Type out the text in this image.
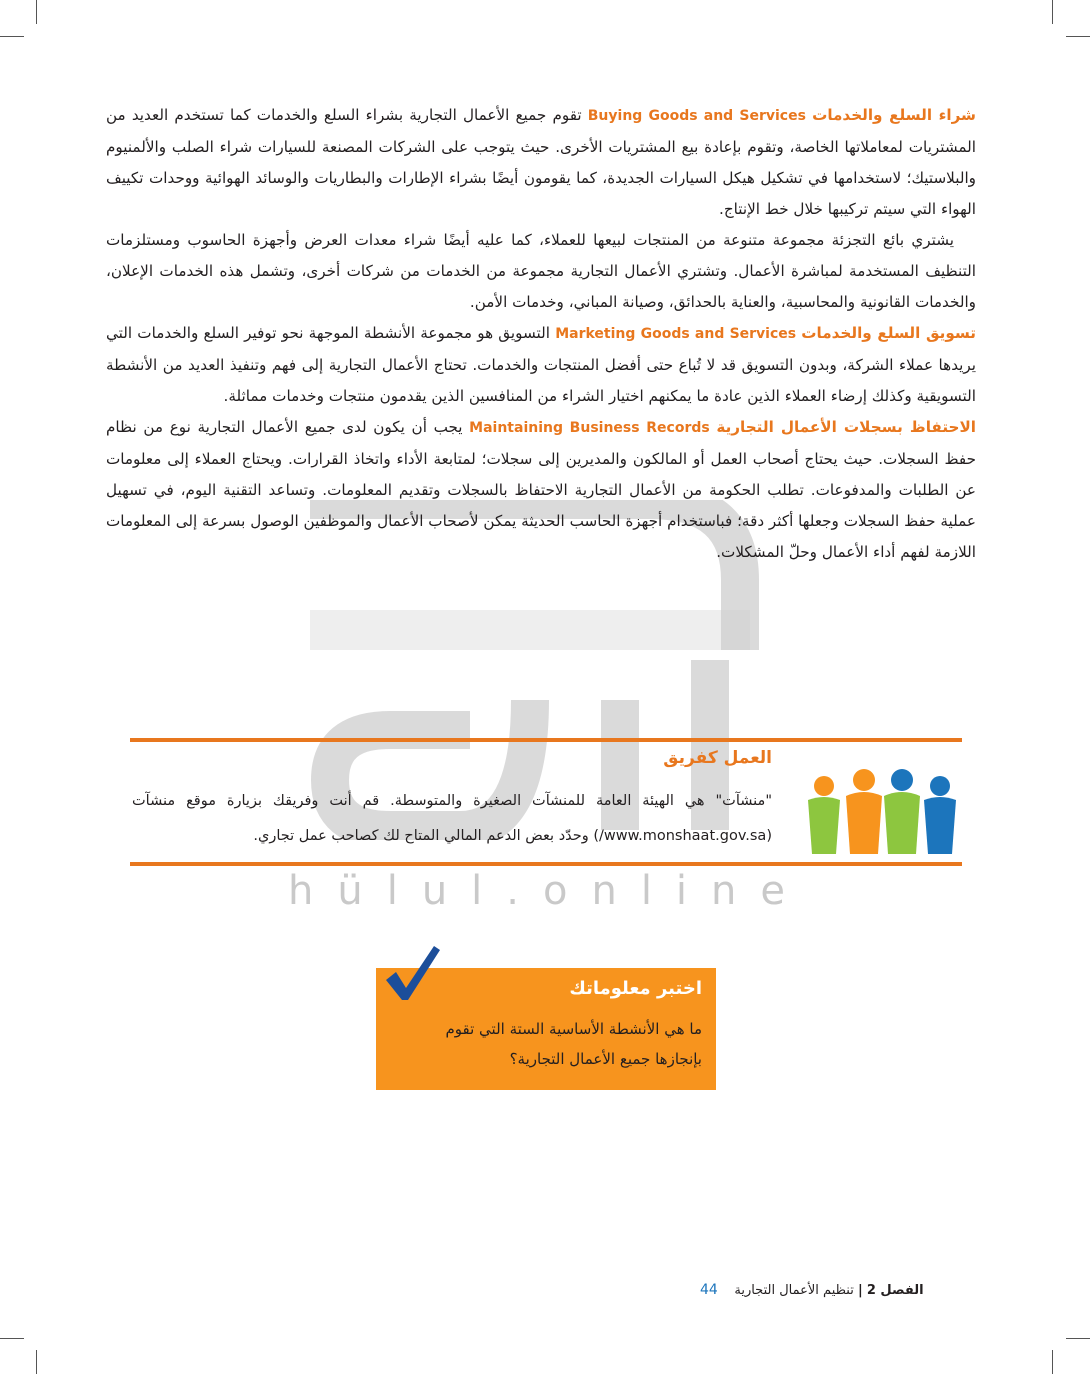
hülul.online

شراء السلع والخدمات Buying Goods and Services تقوم جميع الأعمال التجارية بشراء السلع والخدمات كما تستخدم العديد من المشتريات لمعاملاتها الخاصة، وتقوم بإعادة بيع المشتريات الأخرى. حيث يتوجب على الشركات المصنعة للسيارات شراء الصلب والألمنيوم والبلاستيك؛ لاستخدامها في تشكيل هيكل السيارات الجديدة، كما يقومون أيضًا بشراء الإطارات والبطاريات والوسائد الهوائية ووحدات تكييف الهواء التي سيتم تركيبها خلال خط الإنتاج.

يشتري بائع التجزئة مجموعة متنوعة من المنتجات لبيعها للعملاء، كما عليه أيضًا شراء معدات العرض وأجهزة الحاسوب ومستلزمات التنظيف المستخدمة لمباشرة الأعمال. وتشتري الأعمال التجارية مجموعة من الخدمات من شركات أخرى، وتشمل هذه الخدمات الإعلان، والخدمات القانونية والمحاسبية، والعناية بالحدائق، وصيانة المباني، وخدمات الأمن.

تسويق السلع والخدمات Marketing Goods and Services التسويق هو مجموعة الأنشطة الموجهة نحو توفير السلع والخدمات التي يريدها عملاء الشركة، وبدون التسويق قد لا تُباع حتى أفضل المنتجات والخدمات. تحتاج الأعمال التجارية إلى فهم وتنفيذ العديد من الأنشطة التسويقية وكذلك إرضاء العملاء الذين عادة ما يمكنهم اختيار الشراء من المنافسين الذين يقدمون منتجات وخدمات مماثلة.

الاحتفاظ بسجلات الأعمال التجارية Maintaining Business Records يجب أن يكون لدى جميع الأعمال التجارية نوع من نظام حفظ السجلات. حيث يحتاج أصحاب العمل أو المالكون والمديرين إلى سجلات؛ لمتابعة الأداء واتخاذ القرارات. ويحتاج العملاء إلى معلومات عن الطلبات والمدفوعات. تطلب الحكومة من الأعمال التجارية الاحتفاظ بالسجلات وتقديم المعلومات. وتساعد التقنية اليوم، في تسهيل عملية حفظ السجلات وجعلها أكثر دقة؛ فباستخدام أجهزة الحاسب الحديثة يمكن لأصحاب الأعمال والموظفين الوصول بسرعة إلى المعلومات اللازمة لفهم أداء الأعمال وحلّ المشكلات.

العمل كفريق
"منشآت" هي الهيئة العامة للمنشآت الصغيرة والمتوسطة. قم أنت وفريقك بزيارة موقع منشآت (www.monshaat.gov.sa/) وحدّد بعض الدعم المالي المتاح لك كصاحب عمل تجاري.
اختبر معلوماتك
ما هي الأنشطة الأساسية الستة التي تقوم بإنجازها جميع الأعمال التجارية؟
الفصل 2 | تنظيم الأعمال التجارية    44
